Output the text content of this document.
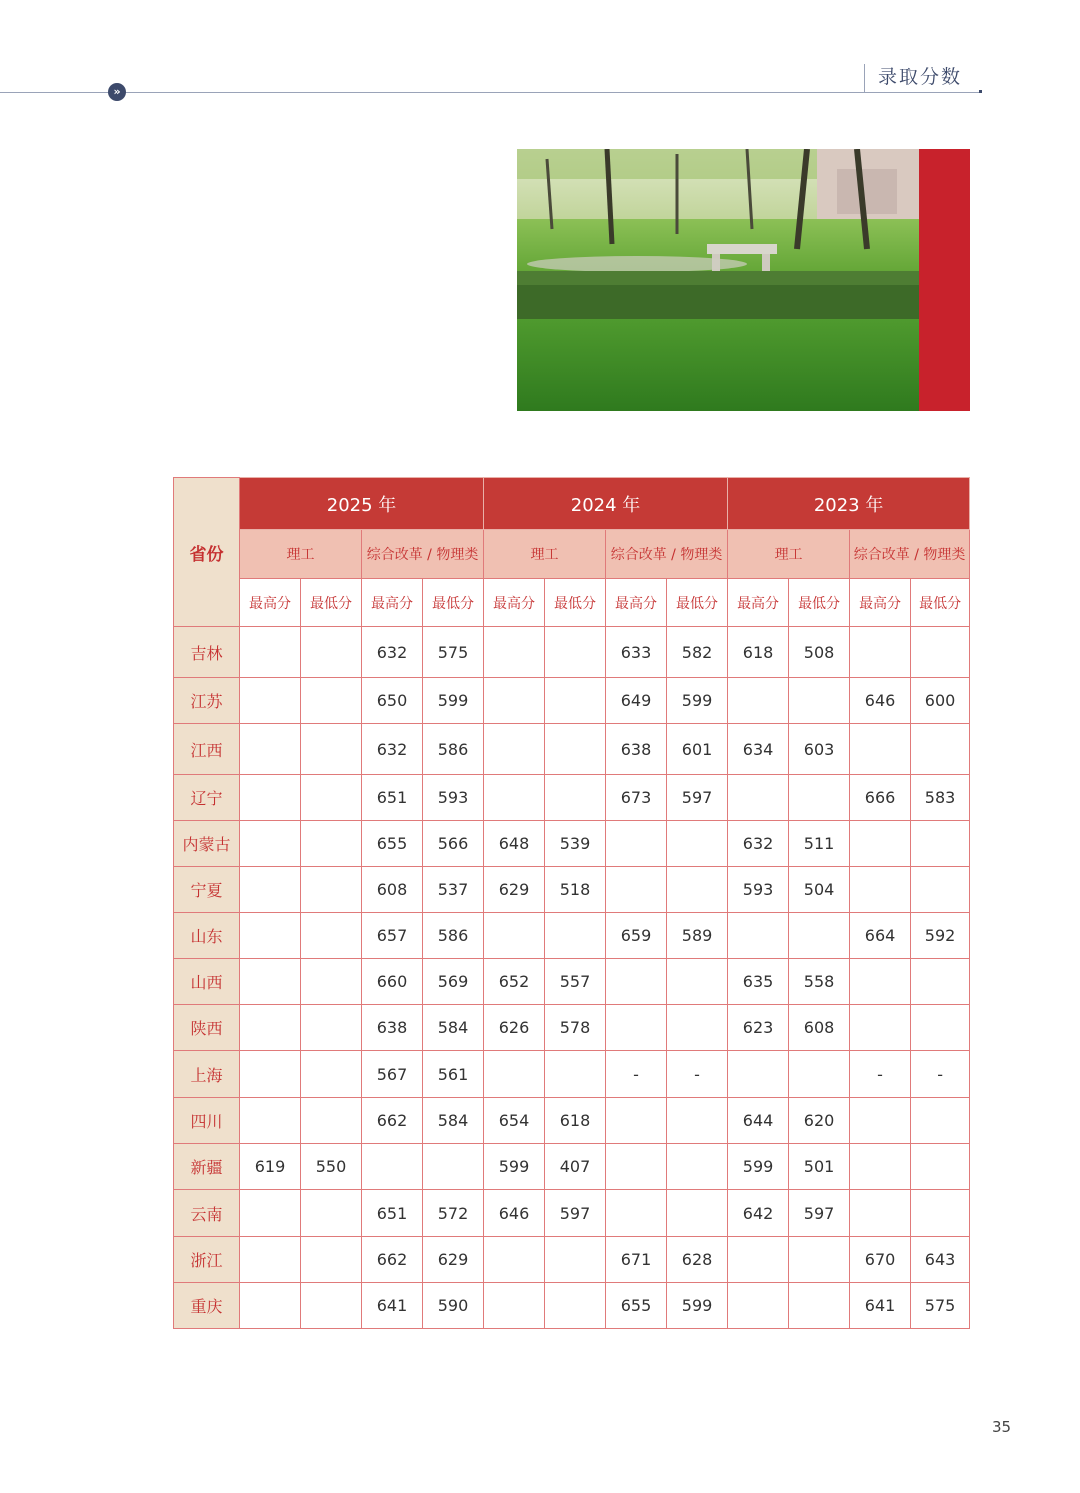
»
录取分数
省份	2025 年				2024 年				2023 年			
	理工		综合改革 / 物理类		理工		综合改革 / 物理类		理工		综合改革 / 物理类	
	最高分	最低分	最高分	最低分	最高分	最低分	最高分	最低分	最高分	最低分	最高分	最低分
吉林			632	575			633	582	618	508		
江苏			650	599			649	599			646	600
江西			632	586			638	601	634	603		
辽宁			651	593			673	597			666	583
内蒙古			655	566	648	539			632	511		
宁夏			608	537	629	518			593	504		
山东			657	586			659	589			664	592
山西			660	569	652	557			635	558		
陕西			638	584	626	578			623	608		
上海			567	561			-	-			-	-
四川			662	584	654	618			644	620		
新疆	619	550			599	407			599	501		
云南			651	572	646	597			642	597		
浙江			662	629			671	628			670	643
重庆			641	590			655	599			641	575
35
